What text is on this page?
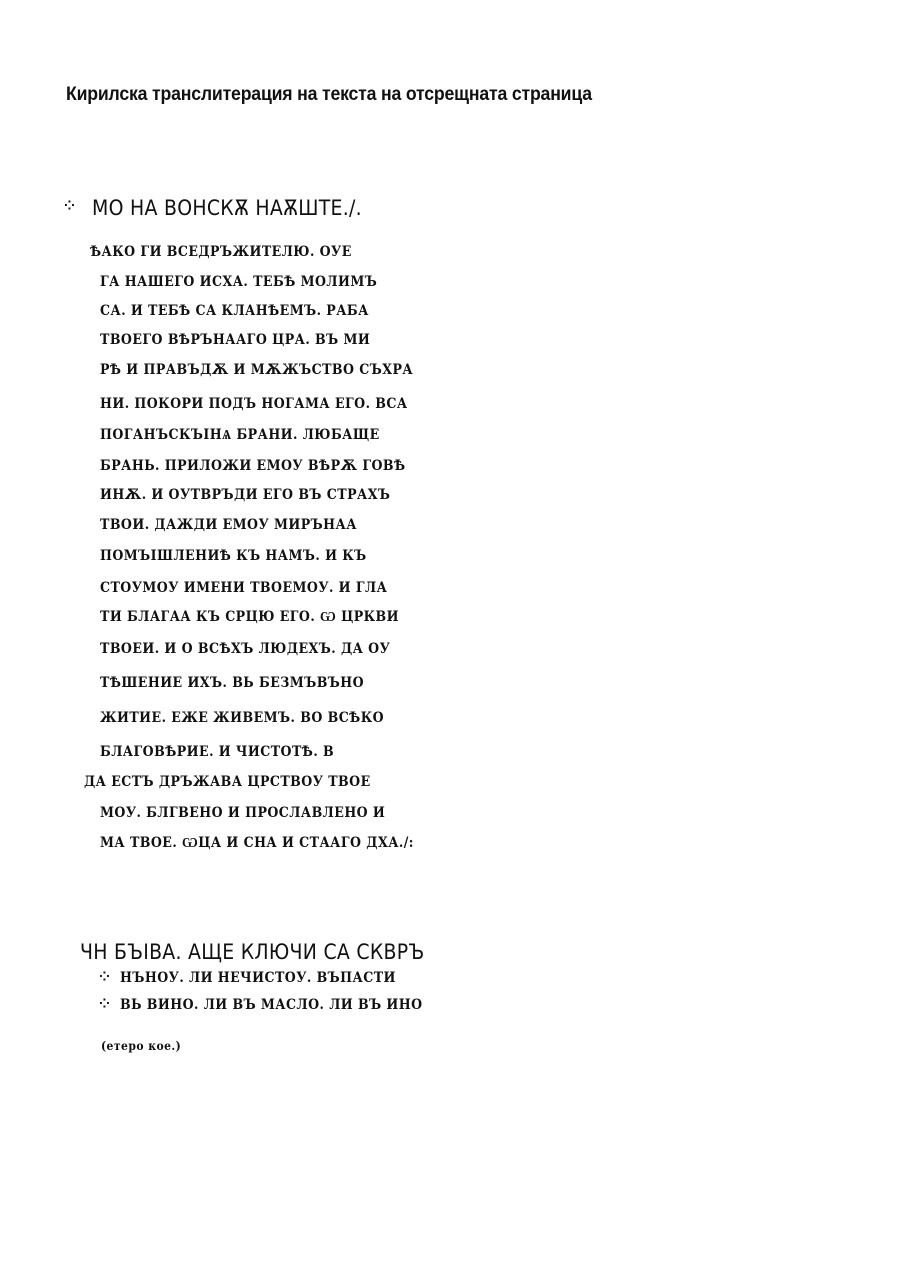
Кирилска транслитерация на текста на отсрещната страница
⁘ МО НА ВОНСКѪ НАѪШТЕ./.
ѢАКО ГИ ВСЕДРЪЖИТЕЛЮ. ОУЕ
ГА НАШЕГО ИСХА. ТЕБѢ МОЛИМЪ
СА. И ТЕБѢ СА КЛАНѢЕМЪ. РАБА
ТВОЕГО ВѢРЪНААГО ЦРА. ВЪ МИ
РѢ И ПРАВЪДѪ И МѪЖЪСТВО СЪХРА
НИ. ПОКОРИ ПОДЪ НОГАМА ЕГО. ВСА
ПОГАНЪСКЪIНѦ БРАНИ. ЛЮБАЩЕ
БРАНЬ. ПРИЛОЖИ ЕМОУ ВѢРѪ ГОВѢ
ИНѪ. И ОУТВРЪДИ ЕГО ВЪ СТРАХЪ
ТВОИ. ДАЖДИ ЕМОУ МИРЪНАА
ПОМЪIШЛЕНИѢ КЪ НАМЪ. И КЪ
СТОУМОУ ИМЕНИ ТВОЕМОУ. И ГЛА
ТИ БЛАГАА КЪ СРЦЮ ЕГО. Ѡ ЦРКВИ
ТВОЕИ. И О ВСѢХЪ ЛЮДЕХЪ. ДА ОУ
ТѢШЕНИЕ ИХЪ. ВЬ БЕЗМЪВЪНО
ЖИТИЕ. ЕЖЕ ЖИВЕМЪ. ВО ВСѢКО
БЛАГОВѢРИЕ. И ЧИСТОТѢ. В
ДА ЕСТЪ ДРЪЖАВА ЦРСТВОУ ТВОЕ
МОУ. БЛГВЕНО И ПРОСЛАВЛЕНО И
МА ТВОЕ. ѠЦА И СНА И СТААГО ДХА./:
ЧН БЪIВА. АЩЕ КЛЮЧИ СА СКВРЪ
⁘ НЪНОУ. ЛИ НЕЧИСТОУ. ВЪПАСТИ
⁘ ВЬ ВИНО. ЛИ ВЪ МАСЛО. ЛИ ВЪ ИНО
(етеро кое.)
